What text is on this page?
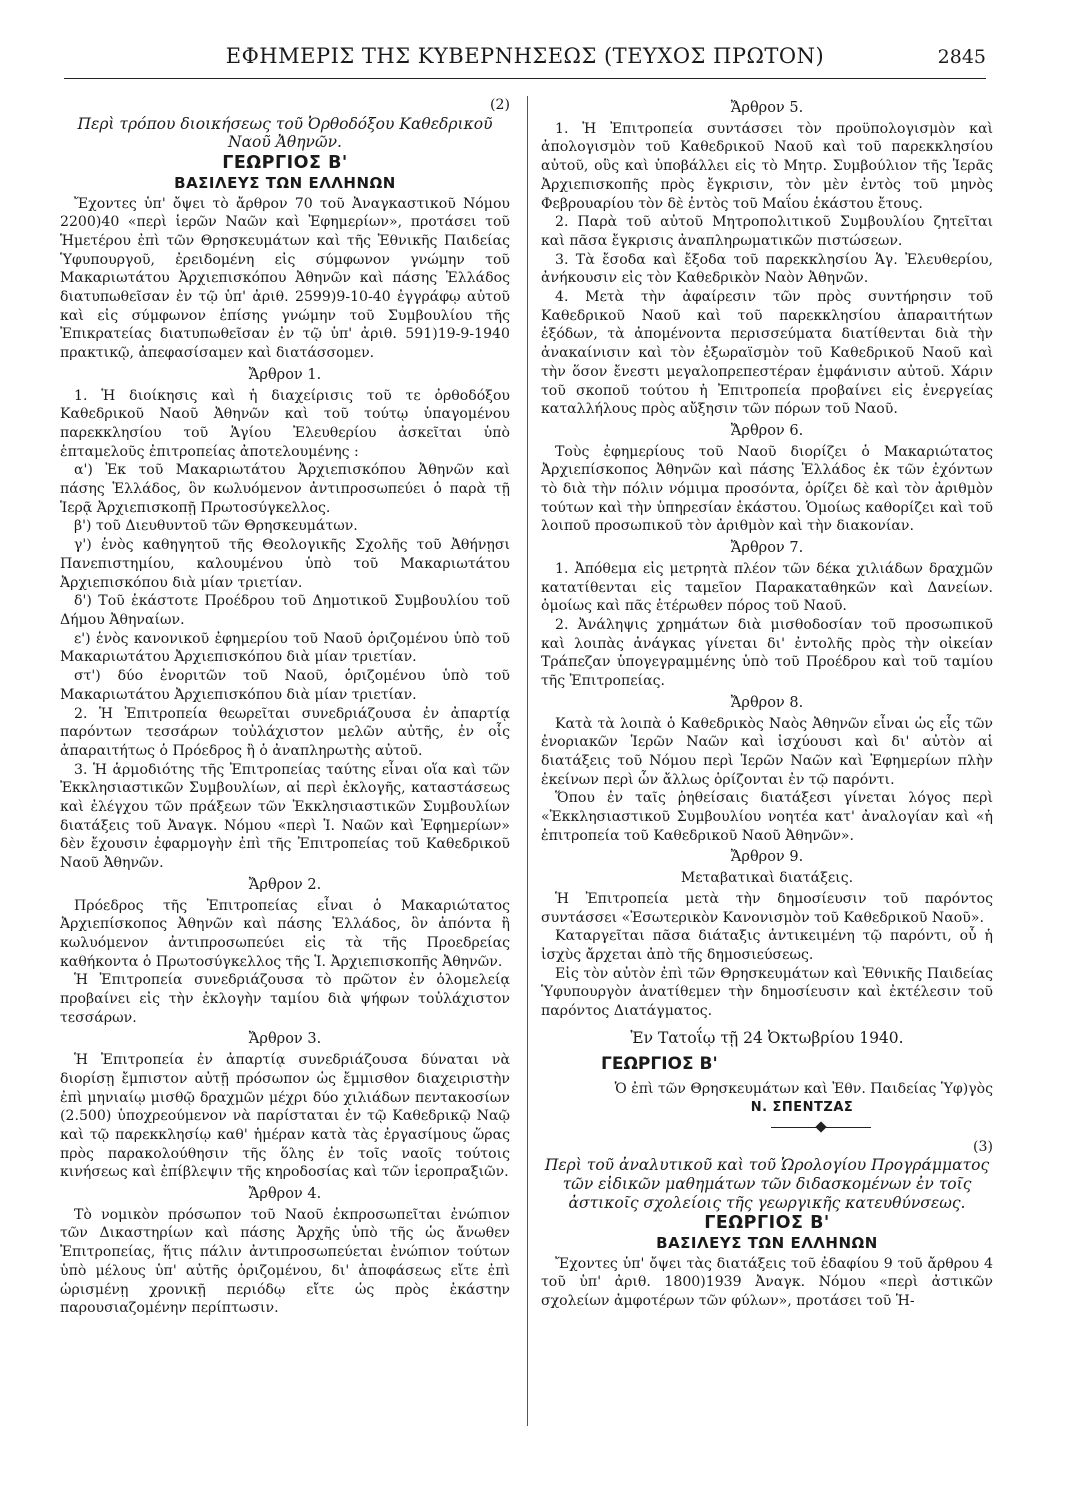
ΕΦΗΜΕΡΙΣ ΤΗΣ ΚΥΒΕΡΝΗΣΕΩΣ (ΤΕΥΧΟΣ ΠΡΩΤΟΝ)	2845

(2)

Περὶ τρόπου διοικήσεως τοῦ Ὀρθοδόξου Καθεδρικοῦ Ναοῦ Ἀθηνῶν.

ΓΕΩΡΓΙΟΣ Β'

ΒΑΣΙΛΕΥΣ ΤΩΝ ΕΛΛΗΝΩΝ

Ἔχοντες ὑπ' ὄψει τὸ ἄρθρον 70 τοῦ Ἀναγκαστικοῦ Νόμου 2200)40 «περὶ ἱερῶν Ναῶν καὶ Ἐφημερίων», προτάσει τοῦ Ἡμετέρου ἐπὶ τῶν Θρησκευμάτων καὶ τῆς Ἐθνικῆς Παιδείας Ὑφυπουργοῦ, ἐρειδομένη εἰς σύμφωνον γνώμην τοῦ Μακαριωτάτου Ἀρχιεπισκόπου Ἀθηνῶν καὶ πάσης Ἑλλάδος διατυπωθεῖσαν ἐν τῷ ὑπ' ἀριθ. 2599)9-10-40 ἐγγράφῳ αὐτοῦ καὶ εἰς σύμφωνον ἐπίσης γνώμην τοῦ Συμβουλίου τῆς Ἐπικρατείας διατυπωθεῖσαν ἐν τῷ ὑπ' ἀριθ. 591)19-9-1940 πρακτικῷ, ἀπεφασίσαμεν καὶ διατάσσομεν.

Ἄρθρον 1.

1. Ἡ διοίκησις καὶ ἡ διαχείρισις τοῦ τε ὀρθοδόξου Καθεδρικοῦ Ναοῦ Ἀθηνῶν καὶ τοῦ τούτῳ ὑπαγομένου παρεκκλησίου τοῦ Ἁγίου Ἐλευθερίου ἀσκεῖται ὑπὸ ἑπταμελοῦς ἐπιτροπείας ἀποτελουμένης :

α') Ἐκ τοῦ Μακαριωτάτου Ἀρχιεπισκόπου Ἀθηνῶν καὶ πάσης Ἑλλάδος, ὃν κωλυόμενον ἀντιπροσωπεύει ὁ παρὰ τῇ Ἱερᾷ Ἀρχιεπισκοπῇ Πρωτοσύγκελλος.

β') τοῦ Διευθυντοῦ τῶν Θρησκευμάτων.

γ') ἑνὸς καθηγητοῦ τῆς Θεολογικῆς Σχολῆς τοῦ Ἀθήνῃσι Πανεπιστημίου, καλουμένου ὑπὸ τοῦ Μακαριωτάτου Ἀρχιεπισκόπου διὰ μίαν τριετίαν.

δ') Τοῦ ἑκάστοτε Προέδρου τοῦ Δημοτικοῦ Συμβουλίου τοῦ Δήμου Ἀθηναίων.

ε') ἑνὸς κανονικοῦ ἐφημερίου τοῦ Ναοῦ ὁριζομένου ὑπὸ τοῦ Μακαριωτάτου Ἀρχιεπισκόπου διὰ μίαν τριετίαν.

στ') δύο ἐνοριτῶν τοῦ Ναοῦ, ὁριζομένου ὑπὸ τοῦ Μακαριωτάτου Ἀρχιεπισκόπου διὰ μίαν τριετίαν.

2. Ἡ Ἐπιτροπεία θεωρεῖται συνεδριάζουσα ἐν ἀπαρτίᾳ παρόντων τεσσάρων τοὐλάχιστον μελῶν αὐτῆς, ἐν οἷς ἀπαραιτήτως ὁ Πρόεδρος ἢ ὁ ἀναπληρωτὴς αὐτοῦ.

3. Ἡ ἁρμοδιότης τῆς Ἐπιτροπείας ταύτης εἶναι οἵα καὶ τῶν Ἐκκλησιαστικῶν Συμβουλίων, αἱ περὶ ἐκλογῆς, καταστάσεως καὶ ἐλέγχου τῶν πράξεων τῶν Ἐκκλησιαστικῶν Συμβουλίων διατάξεις τοῦ Ἀναγκ. Νόμου «περὶ Ἱ. Ναῶν καὶ Ἐφημερίων» δὲν ἔχουσιν ἐφαρμογὴν ἐπὶ τῆς Ἐπιτροπείας τοῦ Καθεδρικοῦ Ναοῦ Ἀθηνῶν.

Ἄρθρον 2.

Πρόεδρος τῆς Ἐπιτροπείας εἶναι ὁ Μακαριώτατος Ἀρχιεπίσκοπος Ἀθηνῶν καὶ πάσης Ἑλλάδος, ὃν ἀπόντα ἢ κωλυόμενον ἀντιπροσωπεύει εἰς τὰ τῆς Προεδρείας καθήκοντα ὁ Πρωτοσύγκελλος τῆς Ἱ. Ἀρχιεπισκοπῆς Ἀθηνῶν.

Ἡ Ἐπιτροπεία συνεδριάζουσα τὸ πρῶτον ἐν ὁλομελείᾳ προβαίνει εἰς τὴν ἐκλογὴν ταμίου διὰ ψήφων τοὐλάχιστον τεσσάρων.

Ἄρθρον 3.

Ἡ Ἐπιτροπεία ἐν ἀπαρτίᾳ συνεδριάζουσα δύναται νὰ διορίσῃ ἔμπιστον αὐτῇ πρόσωπον ὡς ἔμμισθον διαχειριστὴν ἐπὶ μηνιαίῳ μισθῷ δραχμῶν μέχρι δύο χιλιάδων πεντακοσίων (2.500) ὑποχρεούμενον νὰ παρίσταται ἐν τῷ Καθεδρικῷ Ναῷ καὶ τῷ παρεκκλησίῳ καθ' ἡμέραν κατὰ τὰς ἐργασίμους ὥρας πρὸς παρακολούθησιν τῆς ὅλης ἐν τοῖς ναοῖς τούτοις κινήσεως καὶ ἐπίβλεψιν τῆς κηροδοσίας καὶ τῶν ἱεροπραξιῶν.

Ἄρθρον 4.

Τὸ νομικὸν πρόσωπον τοῦ Ναοῦ ἐκπροσωπεῖται ἐνώπιον τῶν Δικαστηρίων καὶ πάσης Ἀρχῆς ὑπὸ τῆς ὡς ἄνωθεν Ἐπιτροπείας, ἥτις πάλιν ἀντιπροσωπεύεται ἐνώπιον τούτων ὑπὸ μέλους ὑπ' αὐτῆς ὁριζομένου, δι' ἀποφάσεως εἴτε ἐπὶ ὡρισμένῃ χρονικῇ περιόδῳ εἴτε ὡς πρὸς ἑκάστην παρουσιαζομένην περίπτωσιν.

Ἄρθρον 5.

1. Ἡ Ἐπιτροπεία συντάσσει τὸν προϋπολογισμὸν καὶ ἀπολογισμὸν τοῦ Καθεδρικοῦ Ναοῦ καὶ τοῦ παρεκκλησίου αὐτοῦ, οὓς καὶ ὑποβάλλει εἰς τὸ Μητρ. Συμβούλιον τῆς Ἱερᾶς Ἀρχιεπισκοπῆς πρὸς ἔγκρισιν, τὸν μὲν ἐντὸς τοῦ μηνὸς Φεβρουαρίου τὸν δὲ ἐντὸς τοῦ Μαΐου ἑκάστου ἔτους.

2. Παρὰ τοῦ αὐτοῦ Μητροπολιτικοῦ Συμβουλίου ζητεῖται καὶ πᾶσα ἔγκρισις ἀναπληρωματικῶν πιστώσεων.

3. Τὰ ἔσοδα καὶ ἔξοδα τοῦ παρεκκλησίου Ἁγ. Ἐλευθερίου, ἀνήκουσιν εἰς τὸν Καθεδρικὸν Ναὸν Ἀθηνῶν.

4. Μετὰ τὴν ἀφαίρεσιν τῶν πρὸς συντήρησιν τοῦ Καθεδρικοῦ Ναοῦ καὶ τοῦ παρεκκλησίου ἀπαραιτήτων ἐξόδων, τὰ ἀπομένοντα περισσεύματα διατίθενται διὰ τὴν ἀνακαίνισιν καὶ τὸν ἐξωραϊσμὸν τοῦ Καθεδρικοῦ Ναοῦ καὶ τὴν ὅσον ἔνεστι μεγαλοπρεπεστέραν ἐμφάνισιν αὐτοῦ. Χάριν τοῦ σκοποῦ τούτου ἡ Ἐπιτροπεία προβαίνει εἰς ἐνεργείας καταλλήλους πρὸς αὔξησιν τῶν πόρων τοῦ Ναοῦ.

Ἄρθρον 6.

Τοὺς ἐφημερίους τοῦ Ναοῦ διορίζει ὁ Μακαριώτατος Ἀρχιεπίσκοπος Ἀθηνῶν καὶ πάσης Ἑλλάδος ἐκ τῶν ἐχόντων τὸ διὰ τὴν πόλιν νόμιμα προσόντα, ὁρίζει δὲ καὶ τὸν ἀριθμὸν τούτων καὶ τὴν ὑπηρεσίαν ἑκάστου. Ὁμοίως καθορίζει καὶ τοῦ λοιποῦ προσωπικοῦ τὸν ἀριθμὸν καὶ τὴν διακονίαν.

Ἄρθρον 7.

1. Ἀπόθεμα εἰς μετρητὰ πλέον τῶν δέκα χιλιάδων δραχμῶν κατατίθενται εἰς ταμεῖον Παρακαταθηκῶν καὶ Δανείων. ὁμοίως καὶ πᾶς ἑτέρωθεν πόρος τοῦ Ναοῦ.

2. Ἀνάληψις χρημάτων διὰ μισθοδοσίαν τοῦ προσωπικοῦ καὶ λοιπὰς ἀνάγκας γίνεται δι' ἐντολῆς πρὸς τὴν οἰκείαν Τράπεζαν ὑπογεγραμμένης ὑπὸ τοῦ Προέδρου καὶ τοῦ ταμίου τῆς Ἐπιτροπείας.

Ἄρθρον 8.

Κατὰ τὰ λοιπὰ ὁ Καθεδρικὸς Ναὸς Ἀθηνῶν εἶναι ὡς εἷς τῶν ἐνοριακῶν Ἱερῶν Ναῶν καὶ ἰσχύουσι καὶ δι' αὐτὸν αἱ διατάξεις τοῦ Νόμου περὶ Ἱερῶν Ναῶν καὶ Ἐφημερίων πλὴν ἐκείνων περὶ ὧν ἄλλως ὁρίζονται ἐν τῷ παρόντι.

Ὅπου ἐν ταῖς ῥηθείσαις διατάξεσι γίνεται λόγος περὶ «Ἐκκλησιαστικοῦ Συμβουλίου νοητέα κατ' ἀναλογίαν καὶ «ἡ ἐπιτροπεία τοῦ Καθεδρικοῦ Ναοῦ Ἀθηνῶν».

Ἄρθρον 9.

Μεταβατικαὶ διατάξεις.

Ἡ Ἐπιτροπεία μετὰ τὴν δημοσίευσιν τοῦ παρόντος συντάσσει «Ἐσωτερικὸν Κανονισμὸν τοῦ Καθεδρικοῦ Ναοῦ».

Καταργεῖται πᾶσα διάταξις ἀντικειμένη τῷ παρόντι, οὗ ἡ ἰσχὺς ἄρχεται ἀπὸ τῆς δημοσιεύσεως.

Εἰς τὸν αὐτὸν ἐπὶ τῶν Θρησκευμάτων καὶ Ἐθνικῆς Παιδείας Ὑφυπουργὸν ἀνατίθεμεν τὴν δημοσίευσιν καὶ ἐκτέλεσιν τοῦ παρόντος Διατάγματος.

Ἐν Τατοΐῳ τῇ 24 Ὀκτωβρίου 1940.

ΓΕΩΡΓΙΟΣ Β'

Ὁ ἐπὶ τῶν Θρησκευμάτων καὶ Ἐθν. Παιδείας Ὑφ)γὸς

Ν. ΣΠΕΝΤΖΑΣ

(3)

Περὶ τοῦ ἀναλυτικοῦ καὶ τοῦ Ὡρολογίου Προγράμματος τῶν εἰδικῶν μαθημάτων τῶν διδασκομένων ἐν τοῖς ἀστικοῖς σχολείοις τῆς γεωργικῆς κατευθύνσεως.

ΓΕΩΡΓΙΟΣ Β'

ΒΑΣΙΛΕΥΣ ΤΩΝ ΕΛΛΗΝΩΝ

Ἔχοντες ὑπ' ὄψει τὰς διατάξεις τοῦ ἐδαφίου 9 τοῦ ἄρθρου 4 τοῦ ὑπ' ἀριθ. 1800)1939 Ἀναγκ. Νόμου «περὶ ἀστικῶν σχολείων ἀμφοτέρων τῶν φύλων», προτάσει τοῦ Ἡ-
